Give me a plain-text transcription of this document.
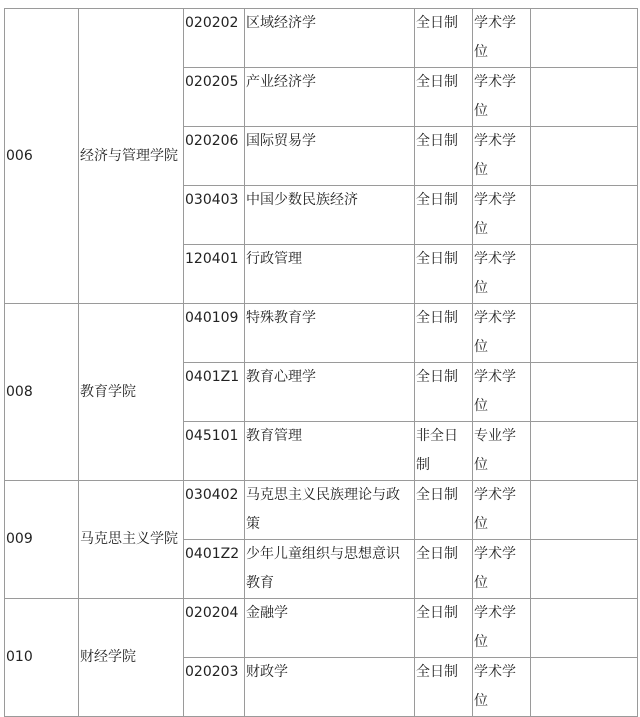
006	经济与管理学院	020202	区域经济学	全日制	学术学位	
		020205	产业经济学	全日制	学术学位	
		020206	国际贸易学	全日制	学术学位	
		030403	中国少数民族经济	全日制	学术学位	
		120401	行政管理	全日制	学术学位	
008	教育学院	040109	特殊教育学	全日制	学术学位	
		0401Z1	教育心理学	全日制	学术学位	
		045101	教育管理	非全日制	专业学位	
009	马克思主义学院	030402	马克思主义民族理论与政策	全日制	学术学位	
		0401Z2	少年儿童组织与思想意识教育	全日制	学术学位	
010	财经学院	020204	金融学	全日制	学术学位	
		020203	财政学	全日制	学术学位	
